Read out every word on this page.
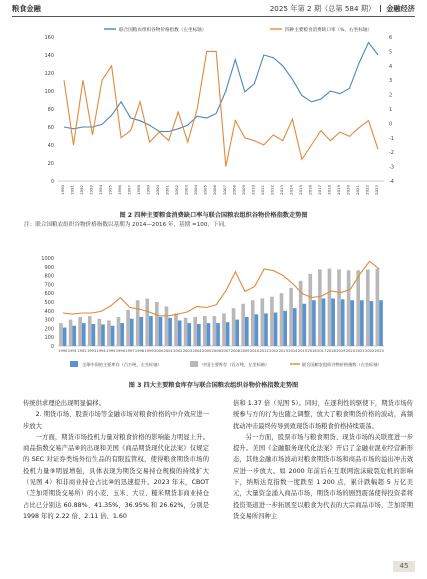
粮食金融	2025 年第 2 期（总第 584 期） 金融经济
0
20
40
60
80
100
120
140
160
-4
-3
-2
-1
0
1
2
3
4
5
6
1990 1991 1992 1993 1994 1995 1996 1997 1998 1999 2000 2001 2002 2003 2004 2005 2006 2007 2008 2009 2010 2011 2012 2013 2014 2015 2016 2017 2018 2019 2020 2021 2022 2023
联合国粮农组织谷物价格指数（左坐标轴）	四种主要粮食消费缺口率（%，右坐标轴）
图 2 四种主要粮食消费缺口率与联合国粮农组织谷物价格指数走势图
注：联合国粮农组织谷物价格指数以基期为 2014—2016 年，基期 =100，下同。
0
100
200
300
400
500
600
700
800
900
1000
1990 1991 1992 1993 1994 1995 1996 1997 1998 1999 2000 2001 2002 2003 2004 2005 2006 2007 2008 2009 2010 2011 2012 2013 2014 2015 2016 2017 2018 2019 2020 2021 2022 2023
全球中国的主要库存（百万吨，左坐标轴）	中国主要库存（百万吨，左坐标轴）	联合国粮农组织谷物价格指数（右坐标轴）
图 3 四大主要粮食库存与联合国粮农组织谷物价格指数走势图

传统供求理论出现明显偏移。

2. 期货市场、股票市场等金融市场对粮食价格的中介效应进一步放大

一方面，期货市场投机力量对粮食价格的影响能力明显上升。商品指数交易产品⑧的出现和美国《商品期货现代化法案》仅规定的 SEC 对证券类场外衍生品的有限监管权，使得粮食期货市场的投机力量⑨明显增强，具体表现为期货交易持仓规模的持续扩大（见图 4）和非商业持仓占比⑩的迅速提升。2023 年末，CBOT（芝加哥期货交易所）的小麦、玉米、大豆、糙米期货非商业持仓占比已分别达 60.88%、41.35%、36.95% 和 26.62%，分别是 1998 年的 2.22 倍、2.11 倍、1.60

倍和 1.37 倍（见图 5）。同时，在逐利性的驱使下，期货市场传统参与方的行为也随之调整，放大了粮食期货价格的波动，高频扰动冲击最终传导到致现货市场粮食价格持续震荡。

另一方面，股票市场与粮食期货、现货市场的关联度进一步提升。美国《金融服务现代化法案》开启了金融业混业经营新形态，其他金融市场波动对粮食期货市场和商品市场的溢出冲击效应进一步放大。如 2000 年前后在互联网泡沫破裂危机的影响下，纳斯达克指数一度跌至 1 200 点，累计跌幅超 5 万亿美元，大量资金涌入商品市场，期货市场的剧烈震荡使得投资者将投资渠道进一步拓展至以粮食为代表的大宗商品市场，芝加哥期货交易所四种主

45
